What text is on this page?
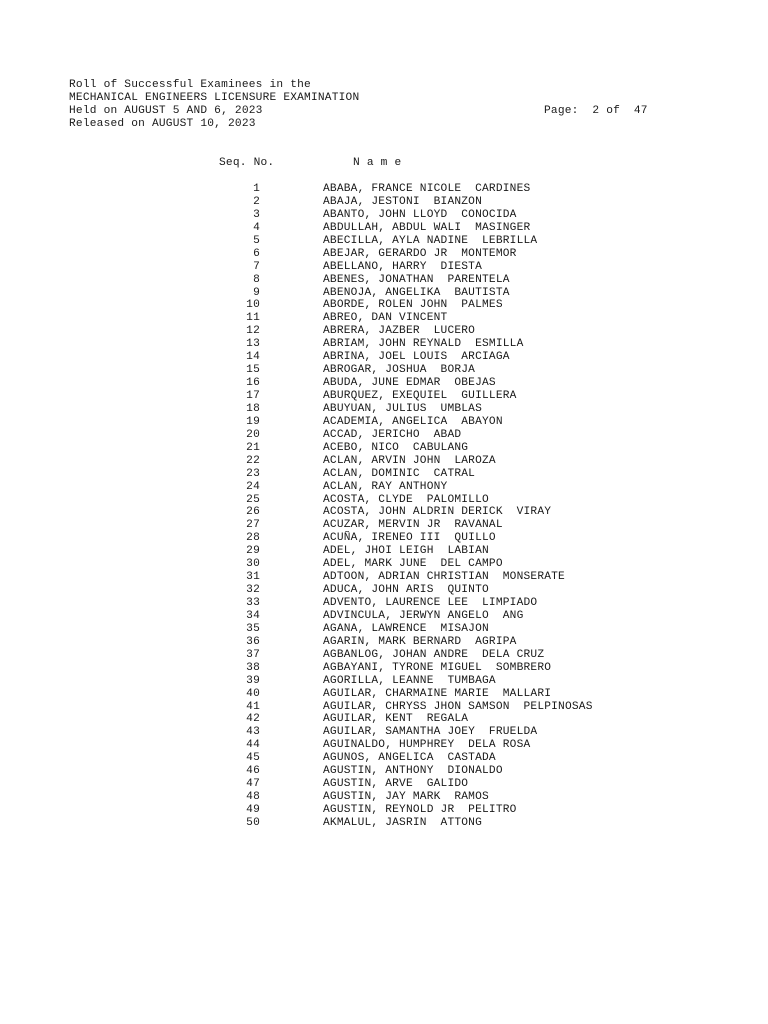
Roll of Successful Examinees in the
MECHANICAL ENGINEERS LICENSURE EXAMINATION
Held on AUGUST 5 AND 6, 2023
Released on AUGUST 10, 2023
Page:  2 of  47
Seq. No.	N a m e
1	ABABA, FRANCE NICOLE  CARDINES
2	ABAJA, JESTONI  BIANZON
3	ABANTO, JOHN LLOYD  CONOCIDA
4	ABDULLAH, ABDUL WALI  MASINGER
5	ABECILLA, AYLA NADINE  LEBRILLA
6	ABEJAR, GERARDO JR  MONTEMOR
7	ABELLANO, HARRY  DIESTA
8	ABENES, JONATHAN  PARENTELA
9	ABENOJA, ANGELIKA  BAUTISTA
10	ABORDE, ROLEN JOHN  PALMES
11	ABREO, DAN VINCENT
12	ABRERA, JAZBER  LUCERO
13	ABRIAM, JOHN REYNALD  ESMILLA
14	ABRINA, JOEL LOUIS  ARCIAGA
15	ABROGAR, JOSHUA  BORJA
16	ABUDA, JUNE EDMAR  OBEJAS
17	ABURQUEZ, EXEQUIEL  GUILLERA
18	ABUYUAN, JULIUS  UMBLAS
19	ACADEMIA, ANGELICA  ABAYON
20	ACCAD, JERICHO  ABAD
21	ACEBO, NICO  CABULANG
22	ACLAN, ARVIN JOHN  LAROZA
23	ACLAN, DOMINIC  CATRAL
24	ACLAN, RAY ANTHONY
25	ACOSTA, CLYDE  PALOMILLO
26	ACOSTA, JOHN ALDRIN DERICK  VIRAY
27	ACUZAR, MERVIN JR  RAVANAL
28	ACUÑA, IRENEO III  QUILLO
29	ADEL, JHOI LEIGH  LABIAN
30	ADEL, MARK JUNE  DEL CAMPO
31	ADTOON, ADRIAN CHRISTIAN  MONSERATE
32	ADUCA, JOHN ARIS  QUINTO
33	ADVENTO, LAURENCE LEE  LIMPIADO
34	ADVINCULA, JERWYN ANGELO  ANG
35	AGANA, LAWRENCE  MISAJON
36	AGARIN, MARK BERNARD  AGRIPA
37	AGBANLOG, JOHAN ANDRE  DELA CRUZ
38	AGBAYANI, TYRONE MIGUEL  SOMBRERO
39	AGORILLA, LEANNE  TUMBAGA
40	AGUILAR, CHARMAINE MARIE  MALLARI
41	AGUILAR, CHRYSS JHON SAMSON  PELPINOSAS
42	AGUILAR, KENT  REGALA
43	AGUILAR, SAMANTHA JOEY  FRUELDA
44	AGUINALDO, HUMPHREY  DELA ROSA
45	AGUNOS, ANGELICA  CASTADA
46	AGUSTIN, ANTHONY  DIONALDO
47	AGUSTIN, ARVE  GALIDO
48	AGUSTIN, JAY MARK  RAMOS
49	AGUSTIN, REYNOLD JR  PELITRO
50	AKMALUL, JASRIN  ATTONG
